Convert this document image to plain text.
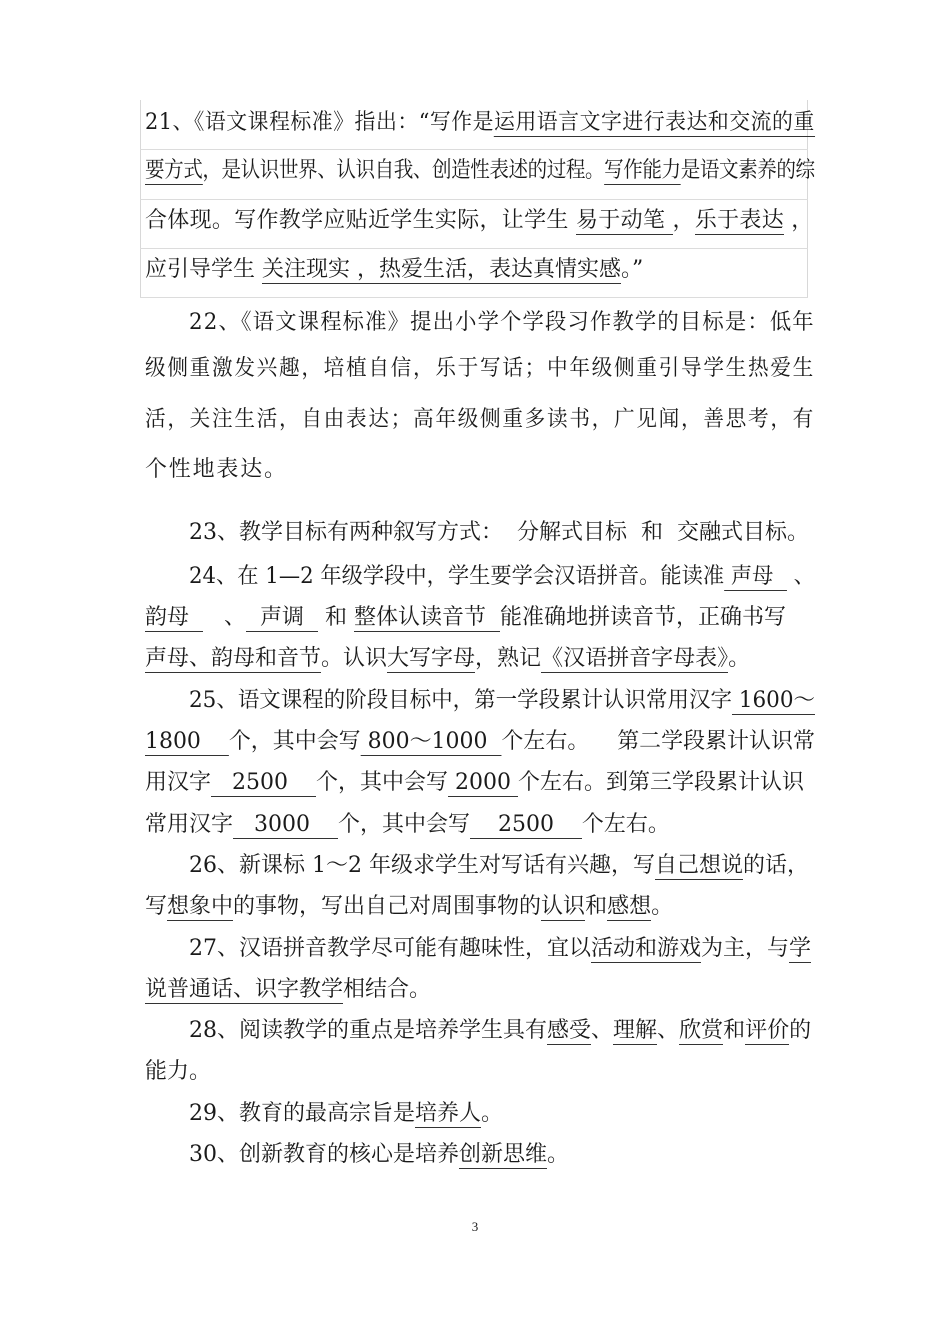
21、《语文课程标准》指出：“写作是运用语言文字进行表达和交流的重
要方式，是认识世界、认识自我、创造性表述的过程。写作能力是语文素养的综
合体现。写作教学应贴近学生实际，让学生 易于动笔 ，乐于表达 ，
应引导学生 关注现实 ，热爱生活，表达真情实感。”
22、《语文课程标准》提出小学个学段习作教学的目标是：低年
级侧重激发兴趣，培植自信，乐于写话；中年级侧重引导学生热爱生
活，关注生活，自由表达；高年级侧重多读书，广见闻，善思考，有
个性地表达。
23、教学目标有两种叙写方式：  分解式目标  和  交融式目标。
24、在 1—2 年级学段中，学生要学会汉语拼音。能读准 声母   、
韵母     、  声调   和 整体认读音节  能准确地拼读音节，正确书写
声母、韵母和音节。认识大写字母，熟记《汉语拼音字母表》。
25、语文课程的阶段目标中，第一学段累计认识常用汉字 1600～
1800    个，其中会写 800～1000  个左右。    第二学段累计认识常
用汉字   2500    个，其中会写 2000 个左右。到第三学段累计认识
常用汉字   3000    个，其中会写    2500    个左右。
26、新课标 1～2 年级求学生对写话有兴趣，写自己想说的话，
写想象中的事物，写出自己对周围事物的认识和感想。
27、汉语拼音教学尽可能有趣味性，宜以活动和游戏为主，与学
说普通话、识字教学相结合。
28、阅读教学的重点是培养学生具有感受、理解、欣赏和评价的
能力。
29、教育的最高宗旨是培养人。
30、创新教育的核心是培养创新思维。
3
